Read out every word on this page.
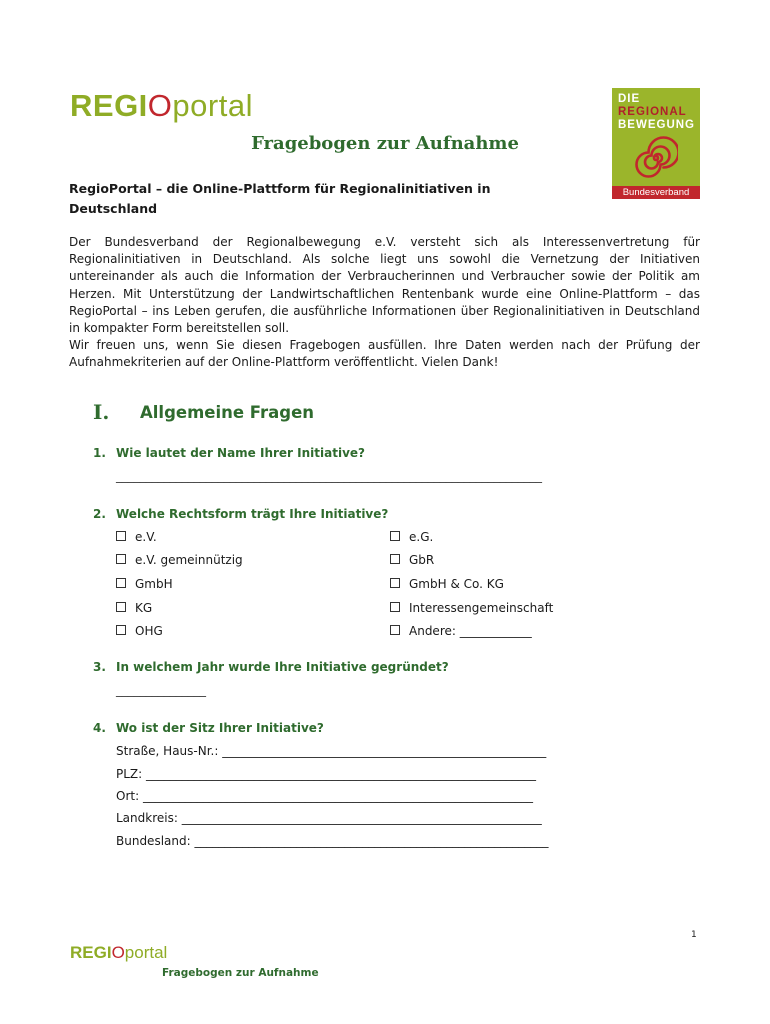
REGIOportal	DIE
REGIONAL
BEWEGUNG
Bundesverband
Fragebogen zur Aufnahme
RegioPortal – die Online-Plattform für Regionalinitiativen in
Deutschland

Der Bundesverband der Regionalbewegung e.V. versteht sich als Interessenvertretung für Regionalinitiativen in Deutschland. Als solche liegt uns sowohl die Vernetzung der Initiativen untereinander als auch die Information der Verbraucherinnen und Verbraucher sowie der Politik am Herzen. Mit Unterstützung der Landwirtschaftlichen Rentenbank wurde eine Online-Plattform – das RegioPortal – ins Leben gerufen, die ausführliche Informationen über Regionalinitiativen in Deutschland in kompakter Form bereitstellen soll.

Wir freuen uns, wenn Sie diesen Fragebogen ausfüllen. Ihre Daten werden nach der Prüfung der Aufnahmekriterien auf der Online-Plattform veröffentlicht. Vielen Dank!

I. Allgemeine Fragen
1. Wie lautet der Name Ihrer Initiative?
_______________________________________________________________________
2. Welche Rechtsform trägt Ihre Initiative?
e.V.
e.V. gemeinnützig
GmbH
KG
OHG
e.G.
GbR
GmbH & Co. KG
Interessengemeinschaft
Andere: ____________
3. In welchem Jahr wurde Ihre Initiative gegründet?
_______________
4. Wo ist der Sitz Ihrer Initiative?
Straße, Haus-Nr.: ______________________________________________________
PLZ: _________________________________________________________________
Ort: _________________________________________________________________
Landkreis: ____________________________________________________________
Bundesland: ___________________________________________________________
1
REGIOportal
Fragebogen zur Aufnahme
